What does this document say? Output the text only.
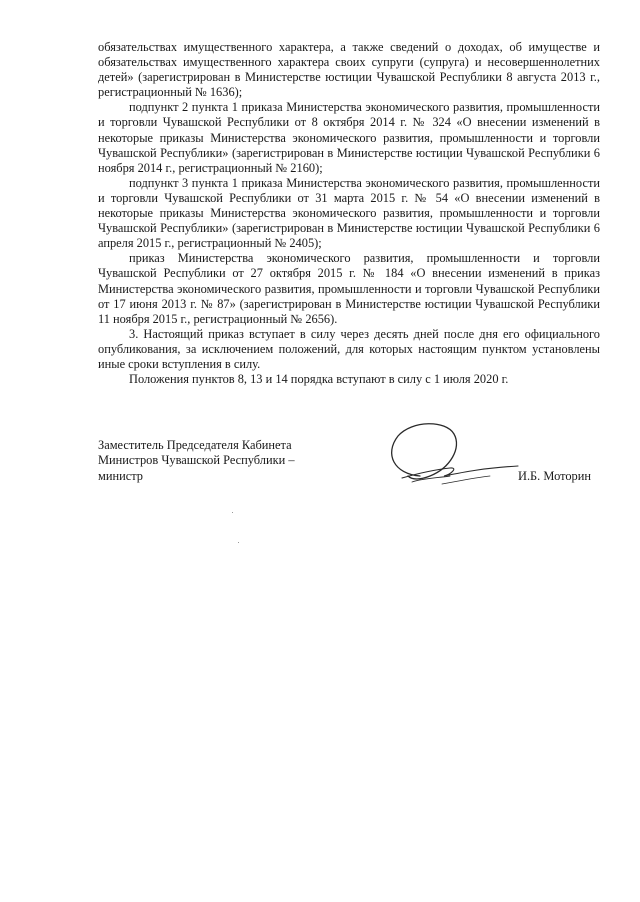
обязательствах имущественного характера, а также сведений о доходах, об имуществе и обязательствах имущественного характера своих супруги (супруга) и несовершеннолетних детей» (зарегистрирован в Министерстве юстиции Чувашской Республики 8 августа 2013 г., регистрационный № 1636);

подпункт 2 пункта 1 приказа Министерства экономического развития, промышленности и торговли Чувашской Республики от 8 октября 2014 г. № 324 «О внесении изменений в некоторые приказы Министерства экономического развития, промышленности и торговли Чувашской Республики» (зарегистрирован в Министерстве юстиции Чувашской Республики 6 ноября 2014 г., регистрационный № 2160);

подпункт 3 пункта 1 приказа Министерства экономического развития, промышленности и торговли Чувашской Республики от 31 марта 2015 г. № 54 «О внесении изменений в некоторые приказы Министерства экономического развития, промышленности и торговли Чувашской Республики» (зарегистрирован в Министерстве юстиции Чувашской Республики 6 апреля 2015 г., регистрационный № 2405);

приказ Министерства экономического развития, промышленности и торговли Чувашской Республики от 27 октября 2015 г. № 184 «О внесении изменений в приказ Министерства экономического развития, промышленности и торговли Чувашской Республики от 17 июня 2013 г. № 87» (зарегистрирован в Министерстве юстиции Чувашской Республики 11 ноября 2015 г., регистрационный № 2656).

3. Настоящий приказ вступает в силу через десять дней после дня его официального опубликования, за исключением положений, для которых настоящим пунктом установлены иные сроки вступления в силу.

Положения пунктов 8, 13 и 14 порядка вступают в силу с 1 июля 2020 г.

Заместитель Председателя Кабинета
Министров Чувашской Республики –
министр	И.Б. Моторин
